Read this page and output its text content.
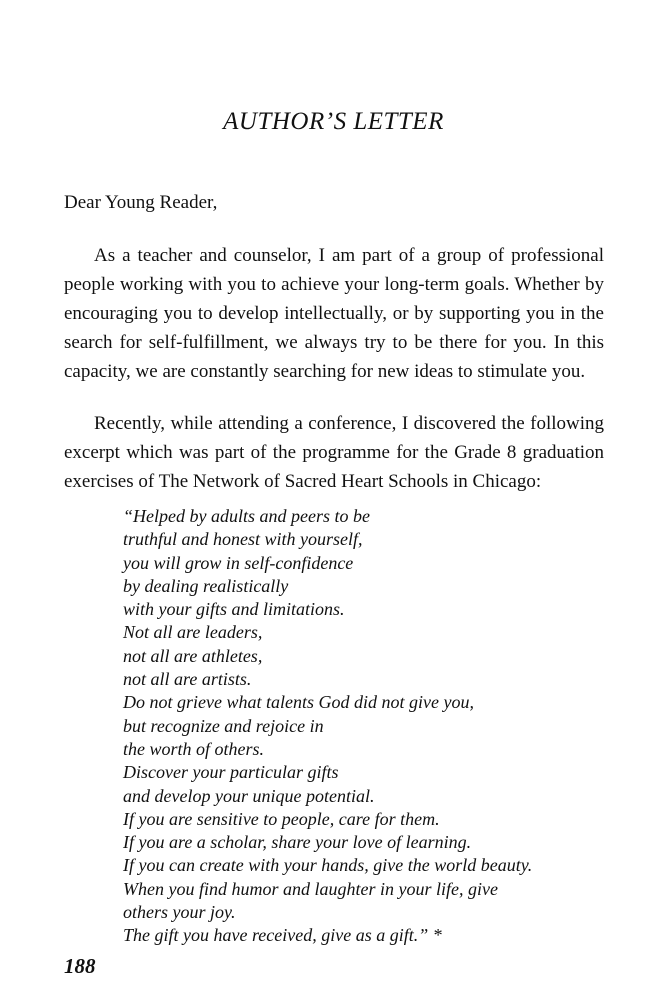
AUTHOR’S LETTER
Dear Young Reader,

As a teacher and counselor, I am part of a group of professional people working with you to achieve your long-term goals. Whether by encouraging you to develop intellectually, or by supporting you in the search for self-fulfillment, we always try to be there for you. In this capacity, we are constantly searching for new ideas to stimulate you.

Recently, while attending a conference, I discovered the following excerpt which was part of the programme for the Grade 8 graduation exercises of The Network of Sacred Heart Schools in Chicago:

“Helped by adults and peers to be
truthful and honest with yourself,
you will grow in self-confidence
by dealing realistically
with your gifts and limitations.
Not all are leaders,
not all are athletes,
not all are artists.
Do not grieve what talents God did not give you,
but recognize and rejoice in
the worth of others.
Discover your particular gifts
and develop your unique potential.
If you are sensitive to people, care for them.
If you are a scholar, share your love of learning.
If you can create with your hands, give the world beauty.
When you find humor and laughter in your life, give
others your joy.
The gift you have received, give as a gift.” *
188
